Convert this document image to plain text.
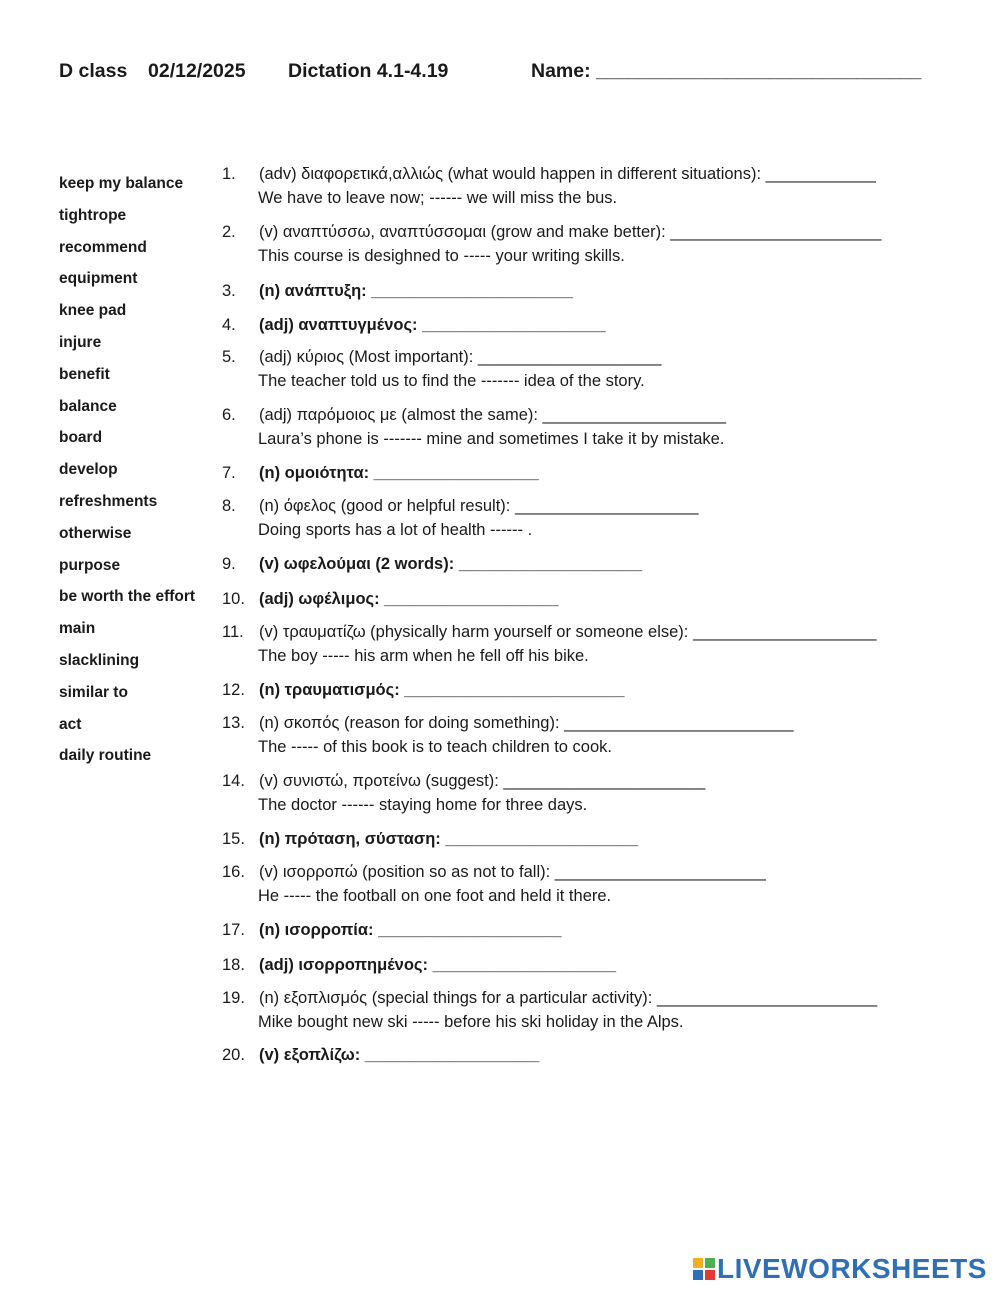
D class 02/12/2025 Dictation 4.1-4.19	Name: ______________________________
keep my balance
tightrope
recommend
equipment
knee pad
injure
benefit
balance
board
develop
refreshments
otherwise
purpose
be worth the effort
main
slacklining
similar to
act
daily routine
1. (adv) διαφορετικά,αλλιώς (what would happen in different situations): ____________
We have to leave now; ------ we will miss the bus.
2. (v) αναπτύσσω, αναπτύσσομαι (grow and make better): _______________________
This course is desighned to ----- your writing skills.
3. (n) ανάπτυξη: ______________________
4. (adj) αναπτυγμένος: ____________________
5. (adj) κύριος (Most important): ____________________
The teacher told us to find the ------- idea of the story.
6. (adj) παρόμοιος με (almost the same): ____________________
Laura’s phone is ------- mine and sometimes I take it by mistake.
7. (n) ομοιότητα: __________________
8. (n) όφελος (good or helpful result): ____________________
Doing sports has a lot of health ------ .
9. (v) ωφελούμαι (2 words): ____________________
10. (adj) ωφέλιμος: ___________________
11. (v) τραυματίζω (physically harm yourself or someone else): ____________________
The boy ----- his arm when he fell off his bike.
12. (n) τραυματισμός: ________________________
13. (n) σκοπός (reason for doing something): _________________________
The ----- of this book is to teach children to cook.
14. (v) συνιστώ, προτείνω (suggest): ______________________
The doctor ------ staying home for three days.
15. (n) πρόταση, σύσταση: _____________________
16. (v) ισορροπώ (position so as not to fall): _______________________
He ----- the football on one foot and held it there.
17. (n) ισορροπία: ____________________
18. (adj) ισορροπημένος: ____________________
19. (n) εξοπλισμός (special things for a particular activity): ________________________
Mike bought new ski ----- before his ski holiday in the Alps.
20. (v) εξοπλίζω: ___________________
LIVEWORKSHEETS
